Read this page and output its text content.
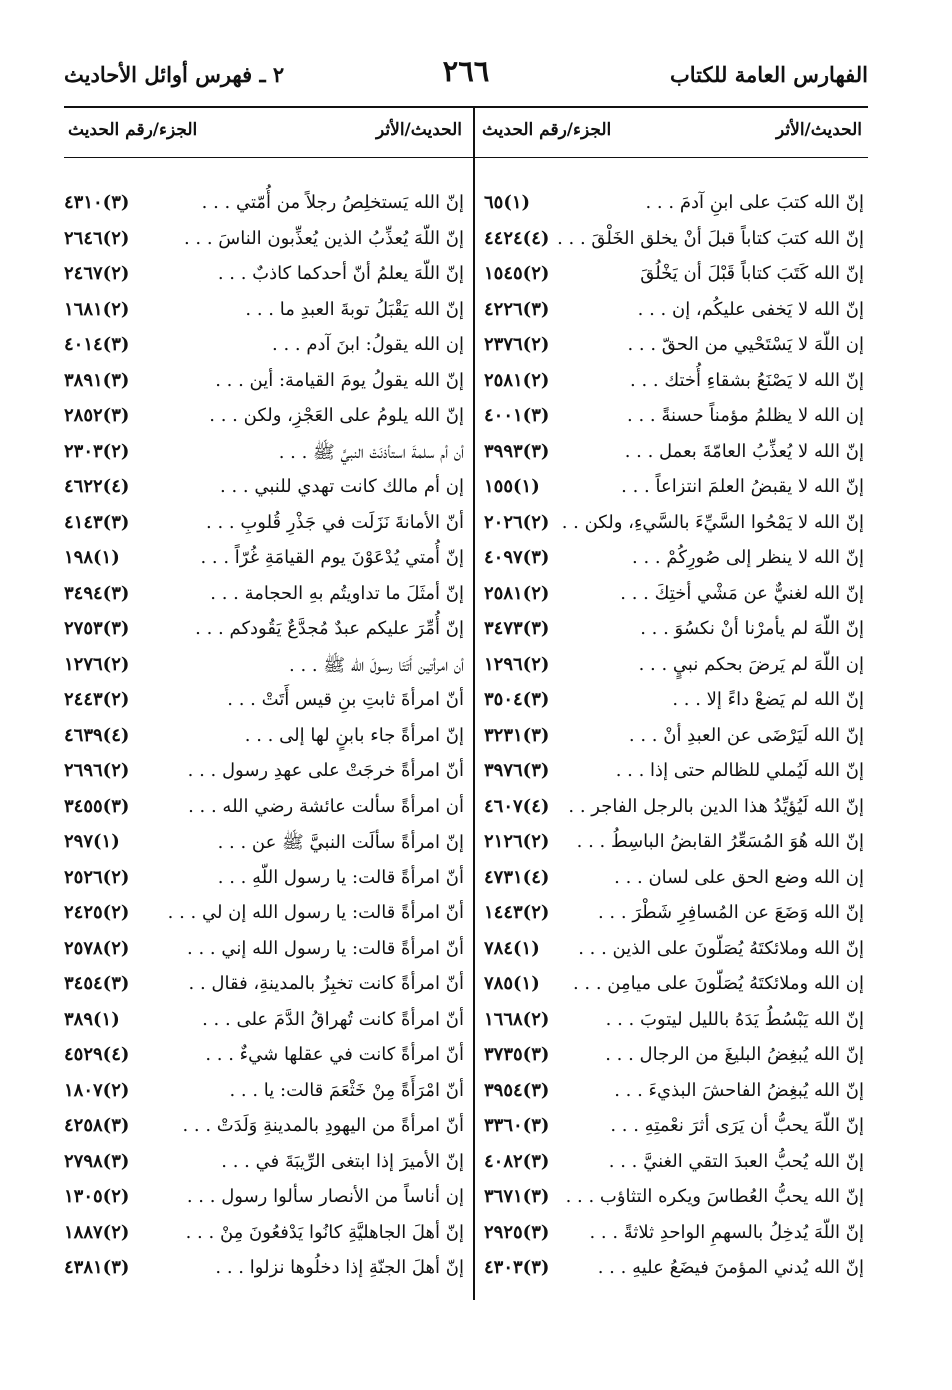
الفهارس العامة للكتاب
٢٦٦
٢ ـ فهرس أوائل الأحاديث
الحديث/الأثر
الجزء/رقم الحديث
إنّ الله كتبَ على ابنِ آدمَ . . .
(١)٦٥
إنّ الله كتبَ كتاباً قبلَ أنْ يخلق الخَلْقَ . . .
(٤)٤٤٢٤
إنّ الله كَتَبَ كتاباً قَبْلَ أن يَخْلُقَ
(٢)١٥٤٥
إنّ الله لا يَخفى عليكُم، إن . . .
(٣)٤٢٢٦
إن اللّهَ لا يَسْتَحْيي من الحقّ . . .
(٢)٢٣٧٦
إنّ الله لا يَصْنَعُ بشقاءِ أُختك . . .
(٢)٢٥٨١
إن الله لا يظلمُ مؤمناً حسنةً . . .
(٣)٤٠٠١
إنّ الله لا يُعذِّبُ العامّةَ بعمل . . .
(٣)٣٩٩٣
إنّ الله لا يقبضُ العلمَ انتزاعاً . . .
(١)١٥٥
إنّ الله لا يَمْحُوا السَّيِّءَ بالسَّيءِ، ولكن . .
(٢)٢٠٢٦
إنّ الله لا ينظر إلى صُورِكُمْ . . .
(٣)٤٠٩٧
إنّ الله لغنيٌّ عن مَشْي أختِكَ . . .
(٢)٢٥٨١
إنّ اللّهَ لم يأمرْنا أنْ نكسُوَ . . .
(٣)٣٤٧٣
إن اللّهَ لم يَرضَ بحكم نبيٍ . . .
(٢)١٢٩٦
إنّ الله لم يَضعْ داءً إلا . . .
(٣)٣٥٠٤
إنّ الله لَيَرْضَى عن العبدِ أنْ . . .
(٣)٣٢٣١
إنّ الله لَيُملي للظالم حتى إذا . . .
(٣)٣٩٧٦
إنّ الله لَيُؤيِّدُ هذا الدين بالرجل الفاجر . .
(٤)٤٦٠٧
إنّ الله هُوَ المُسَعِّرُ القابضُ الباسِطُ . . .
(٢)٢١٢٦
إن الله وضع الحق على لسان . . .
(٤)٤٧٣١
إنّ الله وَضَعَ عن المُسافِرِ شَطْرَ . . .
(٢)١٤٤٣
إنّ الله وملائكتَهُ يُصَلّونَ على الذين . . .
(١)٧٨٤
إن الله وملائكتَهُ يُصَلّونَ على ميامِن . . .
(١)٧٨٥
إنّ الله يَبْسُطُ يَدَهُ بالليل ليتوبَ . . .
(٢)١٦٦٨
إنّ الله يُبغِضُ البليغَ من الرجال . . .
(٣)٣٧٣٥
إنّ الله يُبغِضُ الفاحشَ البذيءَ . . .
(٣)٣٩٥٤
إنّ اللّهَ يحبُّ أن يَرَى أثرَ نعْمتِهِ . . .
(٣)٣٣٦٠
إنّ الله يُحبُّ العبدَ التقي الغنيَّ . . .
(٣)٤٠٨٢
إنّ الله يحبُّ العُطاسَ ويكره التثاؤب . . .
(٣)٣٦٧١
إنّ اللّهَ يُدخِلُ بالسهمِ الواحدِ ثلاثةً . . .
(٣)٢٩٢٥
إنّ الله يُدني المؤمنَ فيضَعُ عليهِ . . .
(٣)٤٣٠٣
الحديث/الأثر
الجزء/رقم الحديث
إنّ الله يَستخلِصُ رجلاً من أُمّتي . . .
(٣)٤٣١٠
إنّ اللّهَ يُعذِّبُ الذين يُعذِّبون الناسَ . . .
(٢)٢٦٤٦
إنّ اللّهَ يعلمُ أنّ أحدكما كاذبٌ . . .
(٢)٢٤٦٧
إنّ الله يَقْبَلُ توبةَ العبدِ ما . . .
(٢)١٦٨١
إن الله يقولُ: ابنَ آدم . . .
(٣)٤٠١٤
إنّ الله يقولُ يومَ القيامة: أين . . .
(٣)٣٨٩١
إنّ الله يلومُ على العَجْزِ، ولكن . . .
(٣)٢٨٥٢
أن أم سلمةَ استأذنَتْ النبيَّ ﷺ . . .
(٢)٢٣٠٣
إن أم مالك كانت تهدي للنبي . . .
(٤)٤٦٢٢
أنّ الأمانةَ نَزَلَت في جَذْرِ قُلوبِ . . .
(٣)٤١٤٣
إنّ أُمتي يُدْعَوْنَ يوم القيامَةِ غُرّاً . . .
(١)١٩٨
إنّ أمثَلَ ما تداويتُم بهِ الحجامة . . .
(٣)٣٤٩٤
إنّ أُمِّرَ عليكم عبدٌ مُجدَّعٌ يَقُودكم . . .
(٣)٢٧٥٣
أن امرأتين أَتَتَا رسولَ الله ﷺ . . .
(٢)١٢٧٦
أنّ امرأةَ ثابتِ بنِ قيس أَتَتْ . . .
(٢)٢٤٤٣
إنّ امرأةً جاء بابنٍ لها إلى . . .
(٤)٤٦٣٩
أنّ امرأةً خرجَتْ على عهدِ رسول . . .
(٢)٢٦٩٦
أن امرأةً سألت عائشة رضي الله . . .
(٣)٣٤٥٥
إنّ امرأةً سألَت النبيَّ ﷺ عن . . .
(١)٢٩٧
أنّ امرأةً قالت: يا رسول اللّهِ . . .
(٢)٢٥٢٦
أنّ امرأةً قالت: يا رسول الله إن لي . . .
(٢)٢٤٢٥
أنّ امرأةً قالت: يا رسول الله إني . . .
(٢)٢٥٧٨
أنّ امرأةً كانت تخبِزُ بالمدينةِ، فقال . .
(٣)٣٤٥٤
أنّ امرأةً كانت تُهراقُ الدَّمَ على . . .
(١)٣٨٩
أنّ امرأةً كانت في عقلها شيءٌ . . .
(٤)٤٥٢٩
أنّ امْرَأَةً مِنْ خَثْعَمَ قالت: يا . . .
(٢)١٨٠٧
أنّ امرأةً من اليهودِ بالمدينةِ وَلَدَتْ . . .
(٣)٤٢٥٨
إنّ الأميرَ إذا ابتغى الرِّيبَةَ في . . .
(٣)٢٧٩٨
إن أناساً من الأنصار سألوا رسول . . .
(٢)١٣٠٥
إنّ أهلَ الجاهليَّةِ كانُوا يَدْفعُونَ مِنْ . . .
(٢)١٨٨٧
إنّ أهلَ الجنّةِ إذا دخلُوها نزلوا . . .
(٣)٤٣٨١
